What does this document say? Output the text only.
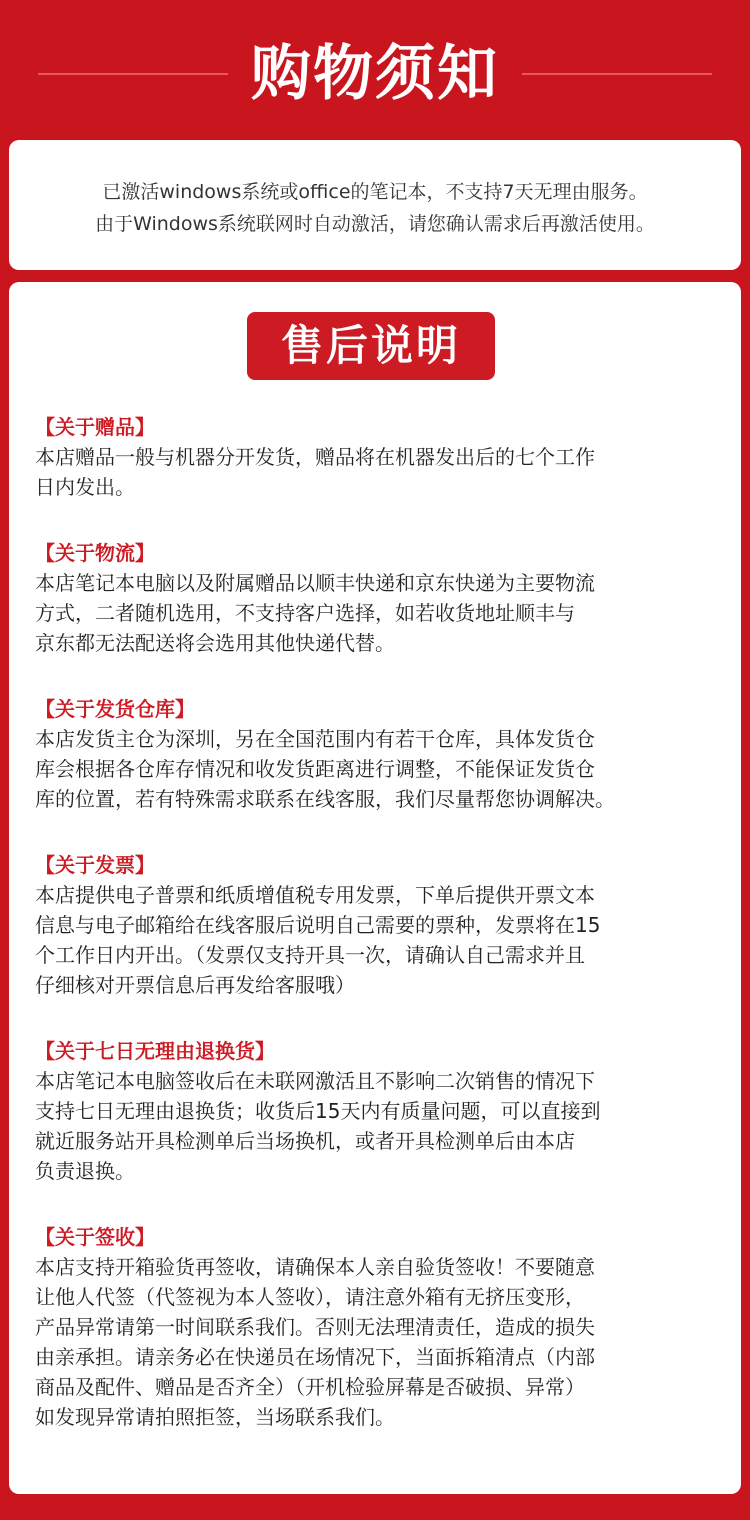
购物须知
已激活windows系统或office的笔记本，不支持7天无理由服务。
由于Windows系统联网时自动激活，请您确认需求后再激活使用。
售后说明
【关于赠品】
本店赠品一般与机器分开发货，赠品将在机器发出后的七个工作
日内发出。
【关于物流】
本店笔记本电脑以及附属赠品以顺丰快递和京东快递为主要物流
方式，二者随机选用，不支持客户选择，如若收货地址顺丰与
京东都无法配送将会选用其他快递代替。
【关于发货仓库】
本店发货主仓为深圳，另在全国范围内有若干仓库，具体发货仓
库会根据各仓库存情况和收发货距离进行调整，不能保证发货仓
库的位置，若有特殊需求联系在线客服，我们尽量帮您协调解决。
【关于发票】
本店提供电子普票和纸质增值税专用发票，下单后提供开票文本
信息与电子邮箱给在线客服后说明自己需要的票种，发票将在15
个工作日内开出。（发票仅支持开具一次，请确认自己需求并且
仔细核对开票信息后再发给客服哦）
【关于七日无理由退换货】
本店笔记本电脑签收后在未联网激活且不影响二次销售的情况下
支持七日无理由退换货；收货后15天内有质量问题，可以直接到
就近服务站开具检测单后当场换机，或者开具检测单后由本店
负责退换。
【关于签收】
本店支持开箱验货再签收，请确保本人亲自验货签收！不要随意
让他人代签（代签视为本人签收），请注意外箱有无挤压变形，
产品异常请第一时间联系我们。否则无法理清责任，造成的损失
由亲承担。请亲务必在快递员在场情况下，当面拆箱清点（内部
商品及配件、赠品是否齐全）（开机检验屏幕是否破损、异常）
如发现异常请拍照拒签，当场联系我们。
